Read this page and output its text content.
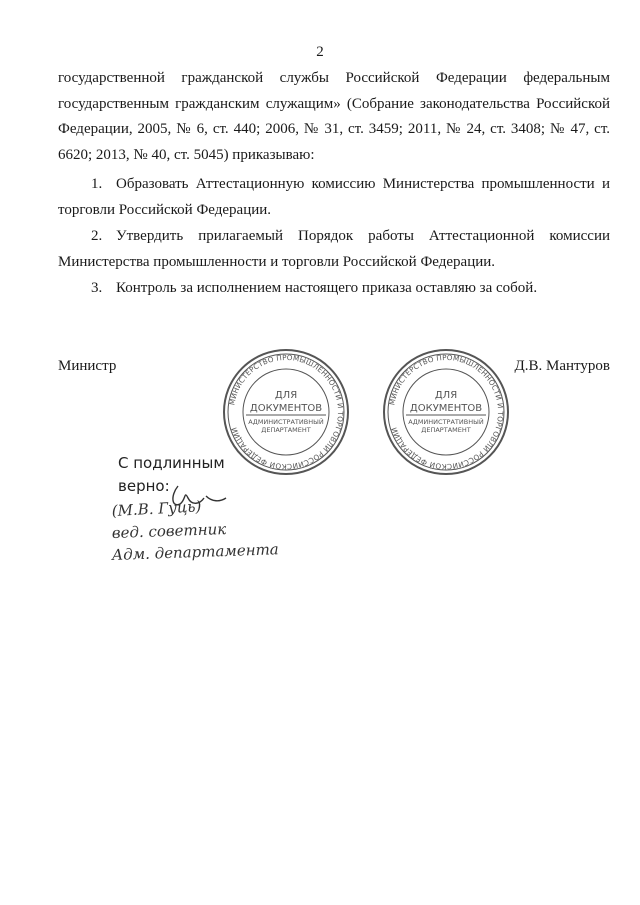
2
государственной гражданской службы Российской Федерации федеральным государственным гражданским служащим» (Собрание законодательства Российской Федерации, 2005, № 6, ст. 440; 2006, № 31, ст. 3459; 2011, № 24, ст. 3408; № 47, ст. 6620; 2013, № 40, ст. 5045) приказываю:
1. Образовать Аттестационную комиссию Министерства промышленности и торговли Российской Федерации.
2. Утвердить прилагаемый Порядок работы Аттестационной комиссии Министерства промышленности и торговли Российской Федерации.
3. Контроль за исполнением настоящего приказа оставляю за собой.
Министр	Д.В. Мантуров
МИНИСТЕРСТВО ПРОМЫШЛЕННОСТИ И ТОРГОВЛИ РОССИЙСКОЙ ФЕДЕРАЦИИ
ДЛЯ
ДОКУМЕНТОВ
АДМИНИСТРАТИВНЫЙ
ДЕПАРТАМЕНТ
МИНИСТЕРСТВО ПРОМЫШЛЕННОСТИ И ТОРГОВЛИ РОССИЙСКОЙ ФЕДЕРАЦИИ
ДЛЯ
ДОКУМЕНТОВ
АДМИНИСТРАТИВНЫЙ
ДЕПАРТАМЕНТ
С подлинным
верно:
(М.В. Гуць)
вед. советник
Адм. департамента
